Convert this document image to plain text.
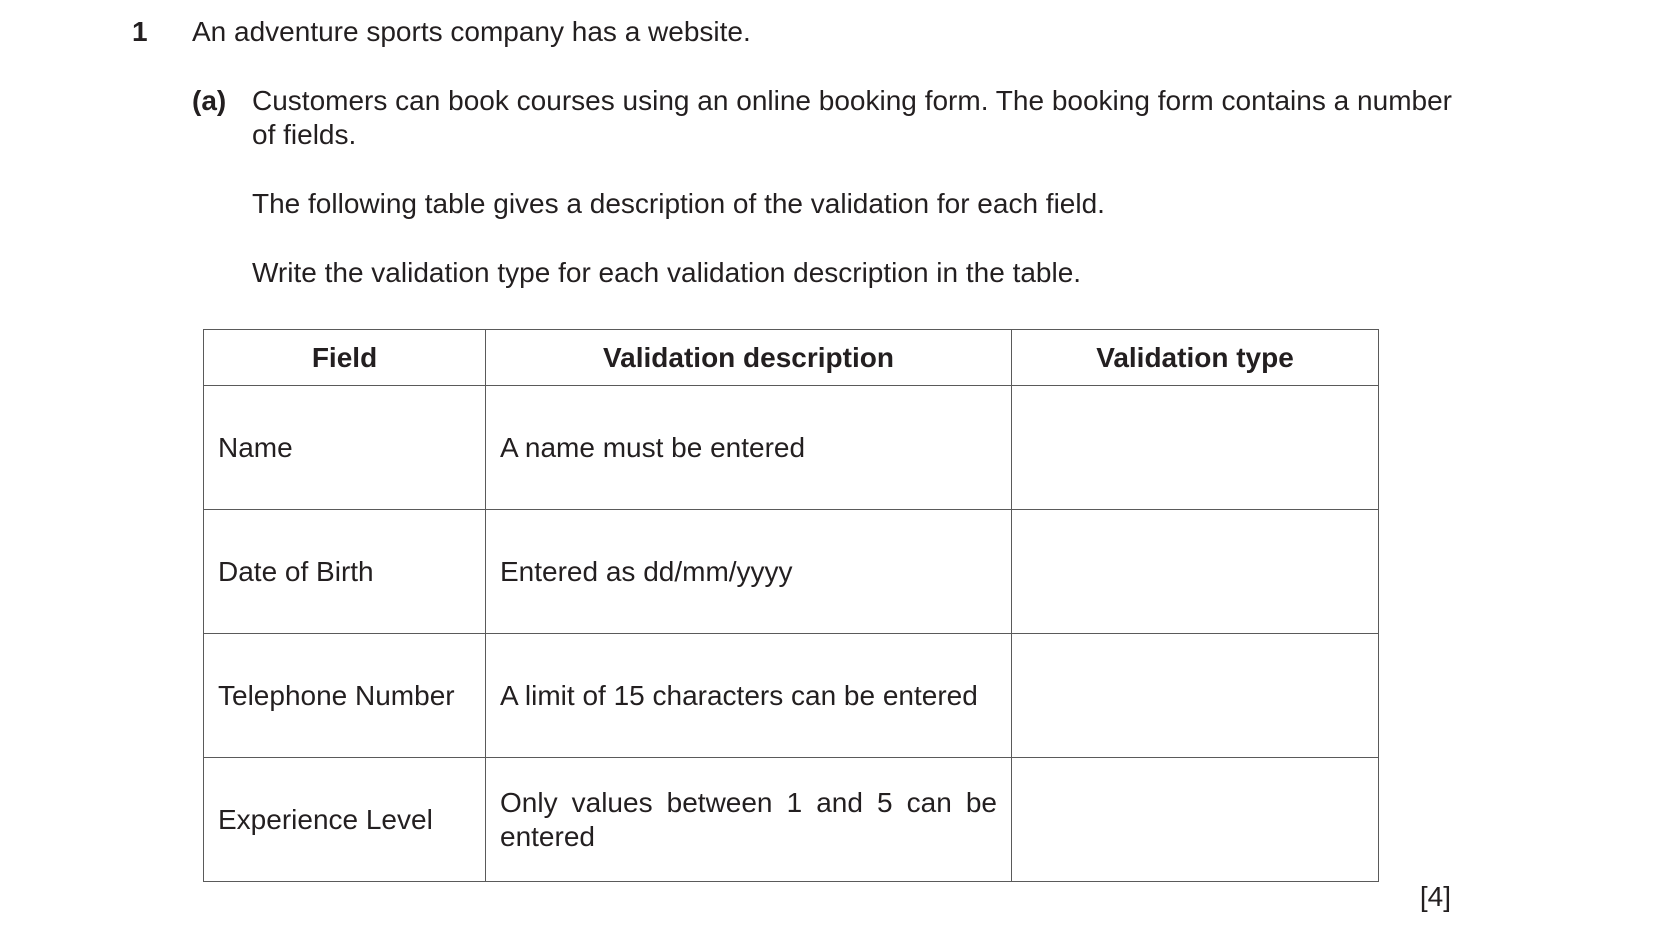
1 An adventure sports company has a website.
(a) Customers can book courses using an online booking form. The booking form contains a number of fields.

The following table gives a description of the validation for each field.

Write the validation type for each validation description in the table.

Field	Validation description	Validation type
Name	A name must be entered	
Date of Birth	Entered as dd/mm/yyyy	
Telephone Number	A limit of 15 characters can be entered	
Experience Level	Only values between 1 and 5 can be entered	
[4]
